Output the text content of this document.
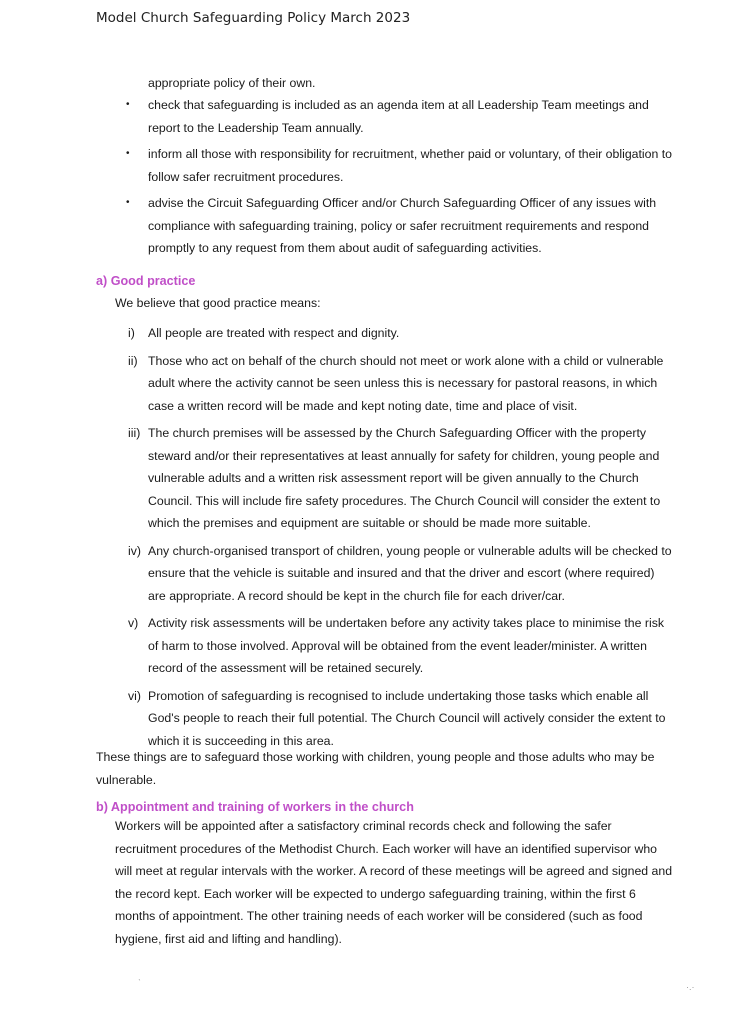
Model Church Safeguarding Policy March 2023
appropriate policy of their own.
•	check that safeguarding is included as an agenda item at all Leadership Team meetings and report to the Leadership Team annually.
•	inform all those with responsibility for recruitment, whether paid or voluntary, of their obligation to follow safer recruitment procedures.
•	advise the Circuit Safeguarding Officer and/or Church Safeguarding Officer of any issues with compliance with safeguarding training, policy or safer recruitment requirements and respond promptly to any request from them about audit of safeguarding activities.
a) Good practice
We believe that good practice means:
i)	All people are treated with respect and dignity.
ii) Those who act on behalf of the church should not meet or work alone with a child or vulnerable adult where the activity cannot be seen unless this is necessary for pastoral reasons, in which case a written record will be made and kept noting date, time and place of visit.
iii) The church premises will be assessed by the Church Safeguarding Officer with the property steward and/or their representatives at least annually for safety for children, young people and vulnerable adults and a written risk assessment report will be given annually to the Church Council. This will include fire safety procedures. The Church Council will consider the extent to which the premises and equipment are suitable or should be made more suitable.
iv) Any church-organised transport of children, young people or vulnerable adults will be checked to ensure that the vehicle is suitable and insured and that the driver and escort (where required) are appropriate. A record should be kept in the church file for each driver/car.
v) Activity risk assessments will be undertaken before any activity takes place to minimise the risk of harm to those involved. Approval will be obtained from the event leader/minister. A written record of the assessment will be retained securely.
vi) Promotion of safeguarding is recognised to include undertaking those tasks which enable all God's people to reach their full potential. The Church Council will actively consider the extent to which it is succeeding in this area.
These things are to safeguard those working with children, young people and those adults who may be vulnerable.
b) Appointment and training of workers in the church
Workers will be appointed after a satisfactory criminal records check and following the safer recruitment procedures of the Methodist Church. Each worker will have an identified supervisor who will meet at regular intervals with the worker. A record of these meetings will be agreed and signed and the record kept. Each worker will be expected to undergo safeguarding training, within the first 6 months of appointment. The other training needs of each worker will be considered (such as food hygiene, first aid and lifting and handling).
ˋ	·.·
